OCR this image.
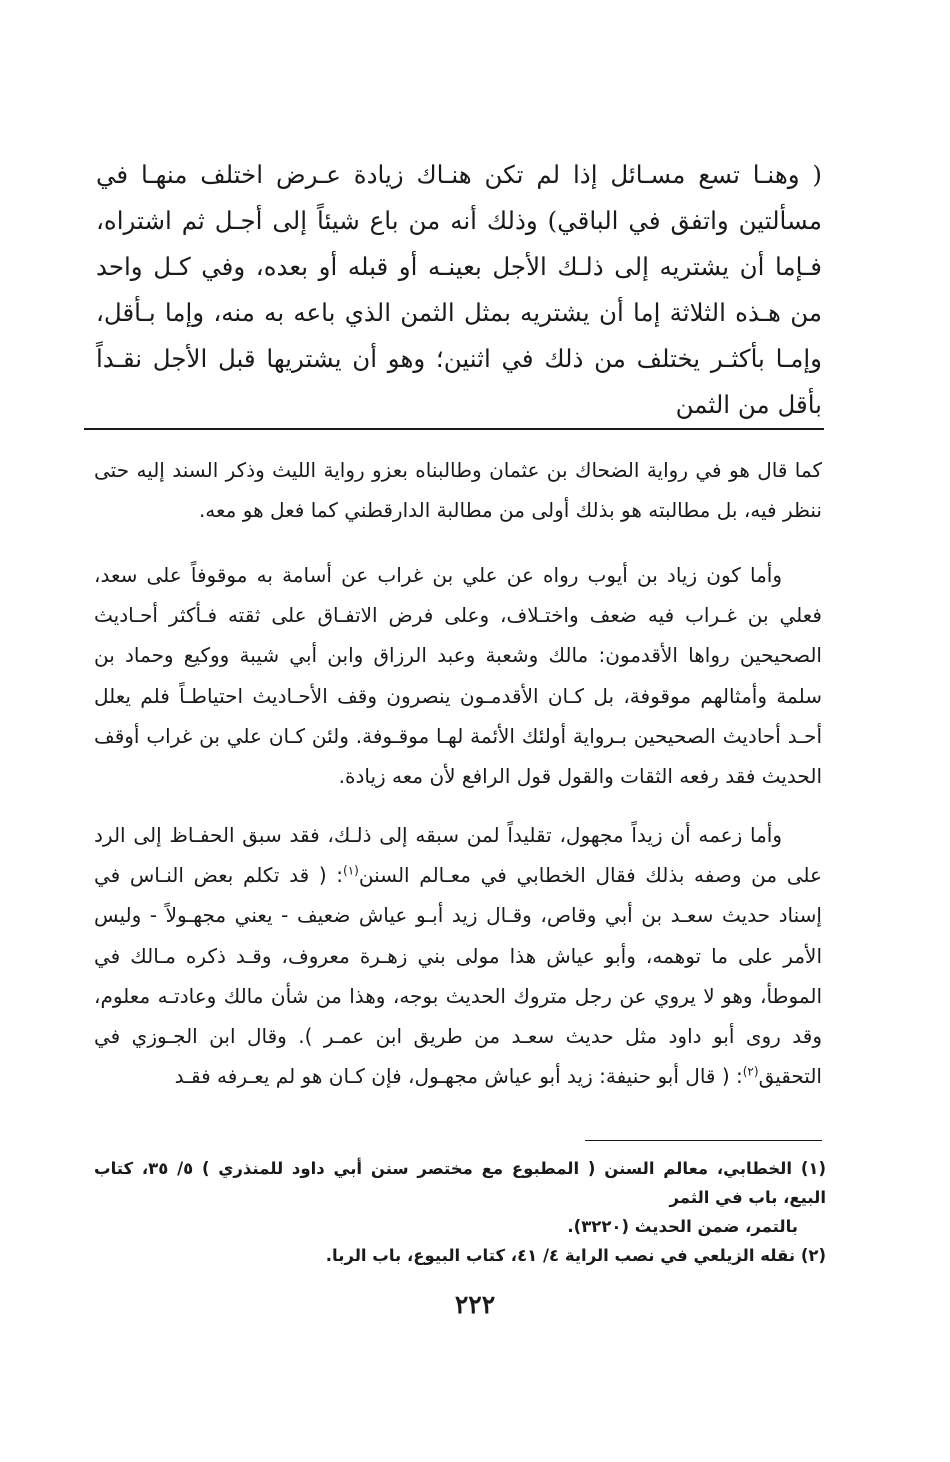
( وهنـا تسع مسـائل إذا لم تكن هنـاك زيادة عـرض اختلف منهـا في مسألتين واتفق في الباقي) وذلك أنه من باع شيئاً إلى أجـل ثم اشتراه، فـإما أن يشتريه إلى ذلـك الأجل بعينـه أو قبله أو بعده، وفي كـل واحد من هـذه الثلاثة إما أن يشتريه بمثل الثمن الذي باعه به منه، وإما بـأقل، وإمـا بأكثـر يختلف من ذلك في اثنين؛ وهو أن يشتريها قبل الأجل نقـداً بأقل من الثمن
كما قال هو في رواية الضحاك بن عثمان وطالبناه بعزو رواية الليث وذكر السند إليه حتى ننظر فيه، بل مطالبته هو بذلك أولى من مطالبة الدارقطني كما فعل هو معه.

وأما كون زياد بن أيوب رواه عن علي بن غراب عن أسامة به موقوفاً على سعد، فعلي بن غـراب فيه ضعف واختـلاف، وعلى فرض الاتفـاق على ثقته فـأكثر أحـاديث الصحيحين رواها الأقدمون: مالك وشعبة وعبد الرزاق وابن أبي شيبة ووكيع وحماد بن سلمة وأمثالهم موقوفة، بل كـان الأقدمـون ينصرون وقف الأحـاديث احتياطـاً فلم يعلل أحـد أحاديث الصحيحين بـرواية أولئك الأئمة لهـا موقـوفة. ولئن كـان علي بن غراب أوقف الحديث فقد رفعه الثقات والقول قول الرافع لأن معه زيادة.

وأما زعمه أن زيداً مجهول، تقليداً لمن سبقه إلى ذلـك، فقد سبق الحفـاظ إلى الرد على من وصفه بذلك فقال الخطابي في معـالم السنن$^{(١)}$: ( قد تكلم بعض النـاس في إسناد حديث سعـد بن أبي وقاص، وقـال زيد أبـو عياش ضعيف - يعني مجهـولاً - وليس الأمر على ما توهمه، وأبو عياش هذا مولى بني زهـرة معروف، وقـد ذكره مـالك في الموطأ، وهو لا يروي عن رجل متروك الحديث بوجه، وهذا من شأن مالك وعادتـه معلوم، وقد روى أبو داود مثل حديث سعـد من طريق ابن عمـر ). وقال ابن الجـوزي في التحقيق$^{(٢)}$: ( قال أبو حنيفة: زيد أبو عياش مجهـول، فإن كـان هو لم يعـرفه فقـد

(١) الخطابي، معالم السنن ( المطبوع مع مختصر سنن أبي داود للمنذري ) ٥/ ٣٥، كتاب البيع، باب في الثمر
بالتمر، ضمن الحديث (٣٢٢٠).

(٢) نقله الزيلعي في نصب الراية ٤/ ٤١، كتاب البيوع، باب الربا.

٢٢٢
